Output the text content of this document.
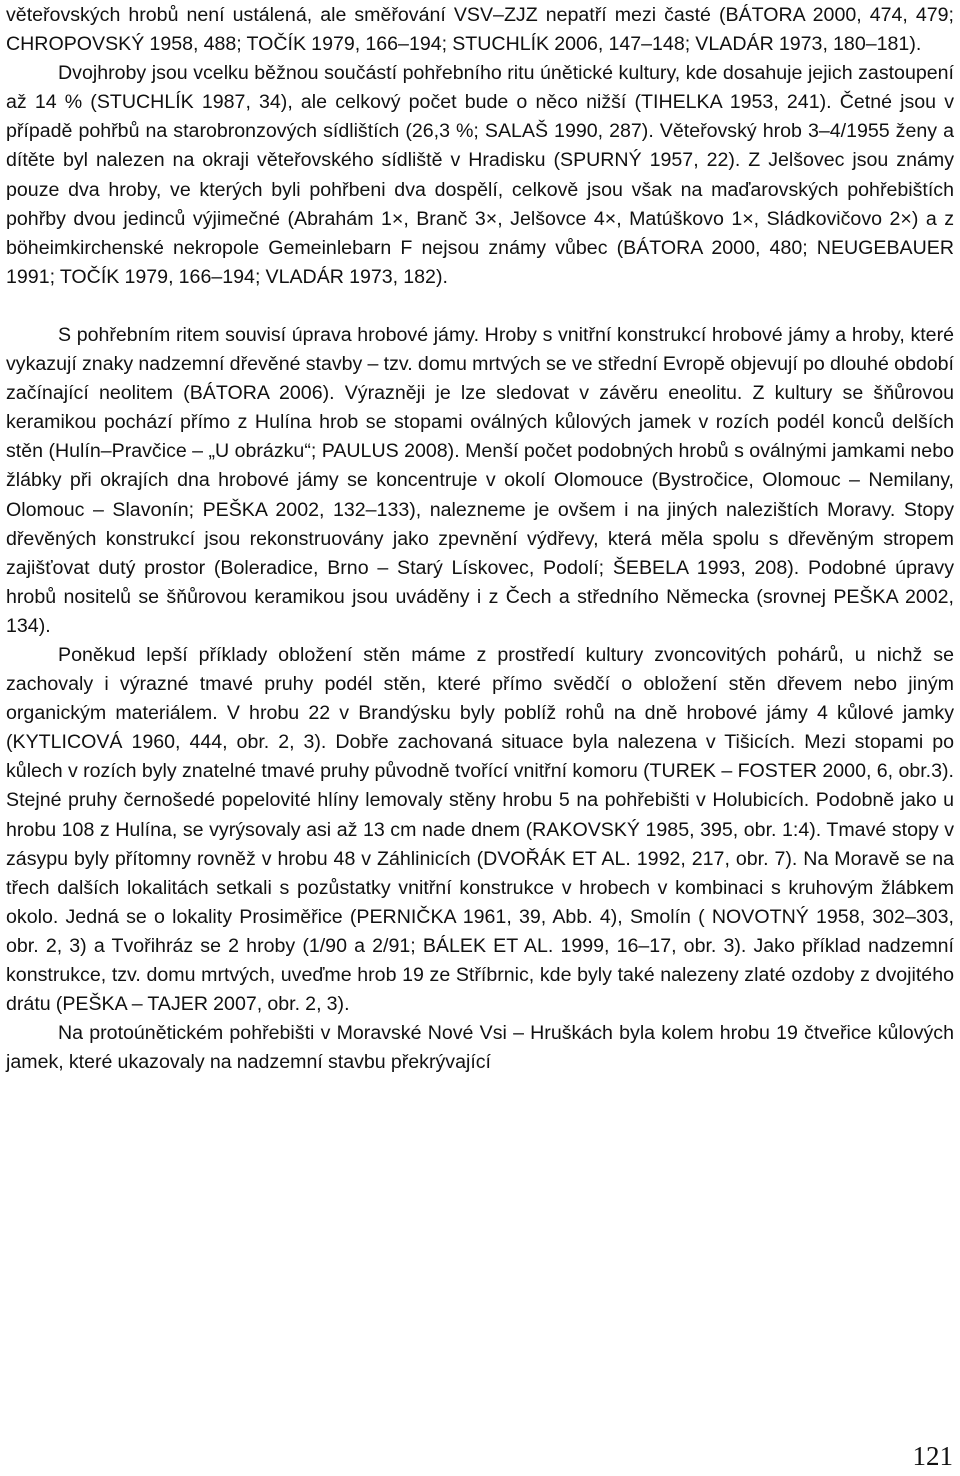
věteřovských hrobů není ustálená, ale směřování VSV–ZJZ nepatří mezi časté (BÁTORA 2000, 474, 479; CHROPOVSKÝ 1958, 488; TOČÍK 1979, 166–194; STUCHLÍK 2006, 147–148; VLADÁR 1973, 180–181).

Dvojhroby jsou vcelku běžnou součástí pohřebního ritu únětické kultury, kde dosahuje jejich zastoupení až 14 % (STUCHLÍK 1987, 34), ale celkový počet bude o něco nižší (TIHELKA 1953, 241). Četné jsou v případě pohřbů na starobronzových sídlištích (26,3 %; SALAŠ 1990, 287). Věteřovský hrob 3–4/1955 ženy a dítěte byl nalezen na okraji věteřovského sídliště v Hradisku (SPURNÝ 1957, 22). Z Jelšovec jsou známy pouze dva hroby, ve kterých byli pohřbeni dva dospělí, celkově jsou však na maďarovských pohřebištích pohřby dvou jedinců výjimečné (Abrahám 1×, Branč 3×, Jelšovce 4×, Matúškovo 1×, Sládkovičovo 2×) a z böheimkirchenské nekropole Gemeinlebarn F nejsou známy vůbec (BÁTORA 2000, 480; NEUGEBAUER 1991; TOČÍK 1979, 166–194; VLADÁR 1973, 182).

S pohřebním ritem souvisí úprava hrobové jámy. Hroby s vnitřní konstrukcí hrobové jámy a hroby, které vykazují znaky nadzemní dřevěné stavby – tzv. domu mrtvých se ve střední Evropě objevují po dlouhé období začínající neolitem (BÁTORA 2006). Výrazněji je lze sledovat v závěru eneolitu. Z kultury se šňůrovou keramikou pochází přímo z Hulína hrob se stopami oválných kůlových jamek v rozích podél konců delších stěn (Hulín–Pravčice – „U obrázku“; PAULUS 2008). Menší počet podobných hrobů s oválnými jamkami nebo žlábky při okrajích dna hrobové jámy se koncentruje v okolí Olomouce (Bystročice, Olomouc – Nemilany, Olomouc – Slavonín; PEŠKA 2002, 132–133), nalezneme je ovšem i na jiných nalezištích Moravy. Stopy dřevěných konstrukcí jsou rekonstruovány jako zpevnění výdřevy, která měla spolu s dřevěným stropem zajišťovat dutý prostor (Boleradice, Brno – Starý Lískovec, Podolí; ŠEBELA 1993, 208). Podobné úpravy hrobů nositelů se šňůrovou keramikou jsou uváděny i z Čech a středního Německa (srovnej PEŠKA 2002, 134).

Poněkud lepší příklady obložení stěn máme z prostředí kultury zvoncovitých pohárů, u nichž se zachovaly i výrazné tmavé pruhy podél stěn, které přímo svědčí o obložení stěn dřevem nebo jiným organickým materiálem. V hrobu 22 v Brandýsku byly poblíž rohů na dně hrobové jámy 4 kůlové jamky (KYTLICOVÁ 1960, 444, obr. 2, 3). Dobře zachovaná situace byla nalezena v Tišicích. Mezi stopami po kůlech v rozích byly znatelné tmavé pruhy původně tvořící vnitřní komoru (TUREK – FOSTER 2000, 6, obr.3). Stejné pruhy černošedé popelovité hlíny lemovaly stěny hrobu 5 na pohřebišti v Holubicích. Podobně jako u hrobu 108 z Hulína, se vyrýsovaly asi až 13 cm nade dnem (RAKOVSKÝ 1985, 395, obr. 1:4). Tmavé stopy v zásypu byly přítomny rovněž v hrobu 48 v Záhlinicích (DVOŘÁK ET AL. 1992, 217, obr. 7). Na Moravě se na třech dalších lokalitách setkali s pozůstatky vnitřní konstrukce v hrobech v kombinaci s kruhovým žlábkem okolo. Jedná se o lokality Prosiměřice (PERNIČKA 1961, 39, Abb. 4), Smolín ( NOVOTNÝ 1958, 302–303, obr. 2, 3) a Tvořihráz se 2 hroby (1/90 a 2/91; BÁLEK ET AL. 1999, 16–17, obr. 3). Jako příklad nadzemní konstrukce, tzv. domu mrtvých, uveďme hrob 19 ze Stříbrnic, kde byly také nalezeny zlaté ozdoby z dvojitého drátu (PEŠKA – TAJER 2007, obr. 2, 3).

Na protoúnětickém pohřebišti v Moravské Nové Vsi – Hruškách byla kolem hrobu 19 čtveřice kůlových jamek, které ukazovaly na nadzemní stavbu překrývající

121
